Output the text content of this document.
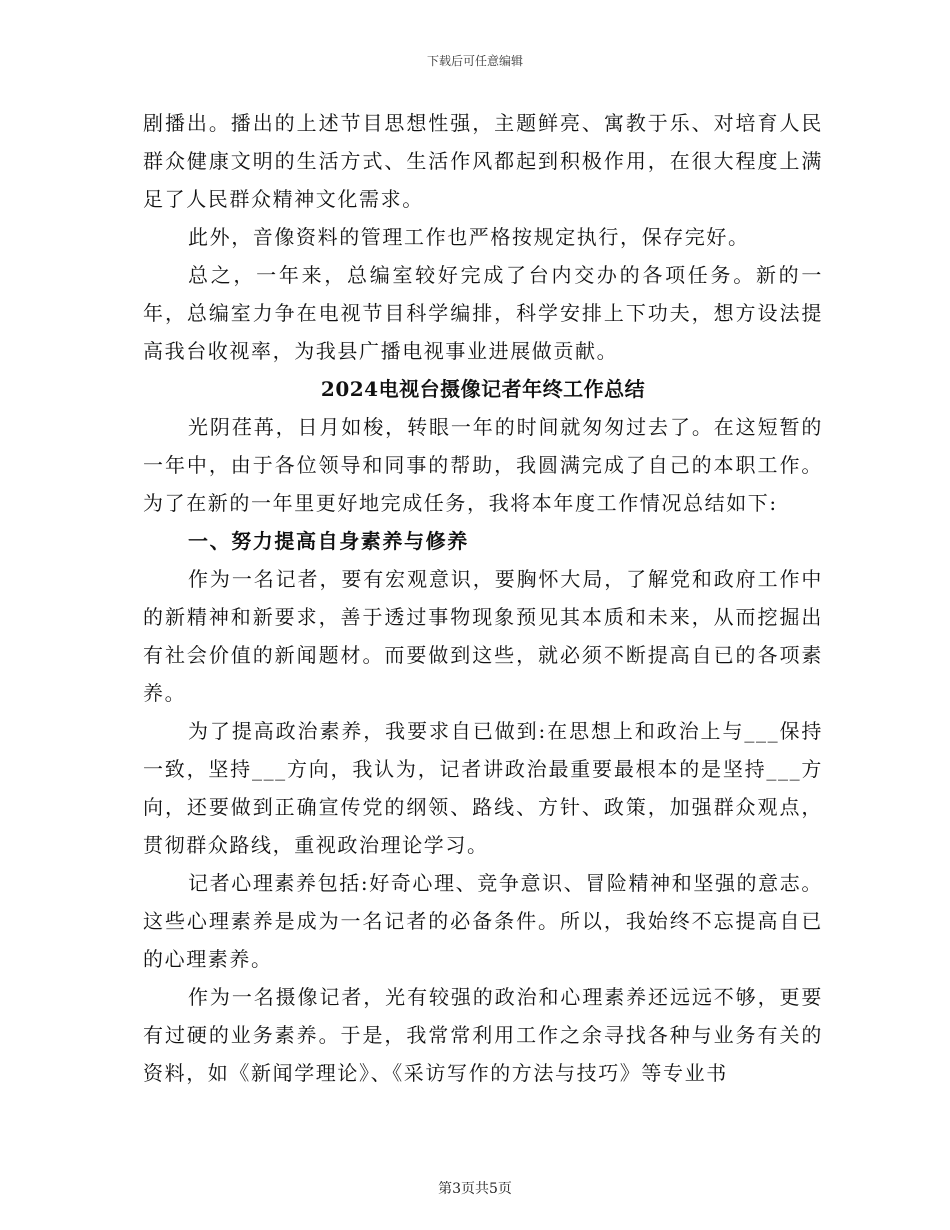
下载后可任意编辑

剧播出。播出的上述节目思想性强，主题鲜亮、寓教于乐、对培育人民群众健康文明的生活方式、生活作风都起到积极作用，在很大程度上满足了人民群众精神文化需求。

此外，音像资料的管理工作也严格按规定执行，保存完好。

总之，一年来，总编室较好完成了台内交办的各项任务。新的一年，总编室力争在电视节目科学编排，科学安排上下功夫，想方设法提高我台收视率，为我县广播电视事业进展做贡献。

2024电视台摄像记者年终工作总结

光阴荏苒，日月如梭，转眼一年的时间就匆匆过去了。在这短暂的一年中，由于各位领导和同事的帮助，我圆满完成了自己的本职工作。为了在新的一年里更好地完成任务，我将本年度工作情况总结如下:

一、努力提高自身素养与修养

作为一名记者，要有宏观意识，要胸怀大局，了解党和政府工作中的新精神和新要求，善于透过事物现象预见其本质和未来，从而挖掘出有社会价值的新闻题材。而要做到这些，就必须不断提高自已的各项素养。

为了提高政治素养，我要求自已做到:在思想上和政治上与___保持一致，坚持___方向，我认为，记者讲政治最重要最根本的是坚持___方向，还要做到正确宣传党的纲领、路线、方针、政策，加强群众观点，贯彻群众路线，重视政治理论学习。

记者心理素养包括:好奇心理、竞争意识、冒险精神和坚强的意志。这些心理素养是成为一名记者的必备条件。所以，我始终不忘提高自已的心理素养。

作为一名摄像记者，光有较强的政治和心理素养还远远不够，更要有过硬的业务素养。于是，我常常利用工作之余寻找各种与业务有关的资料，如《新闻学理论》、《采访写作的方法与技巧》等专业书

第3页共5页
